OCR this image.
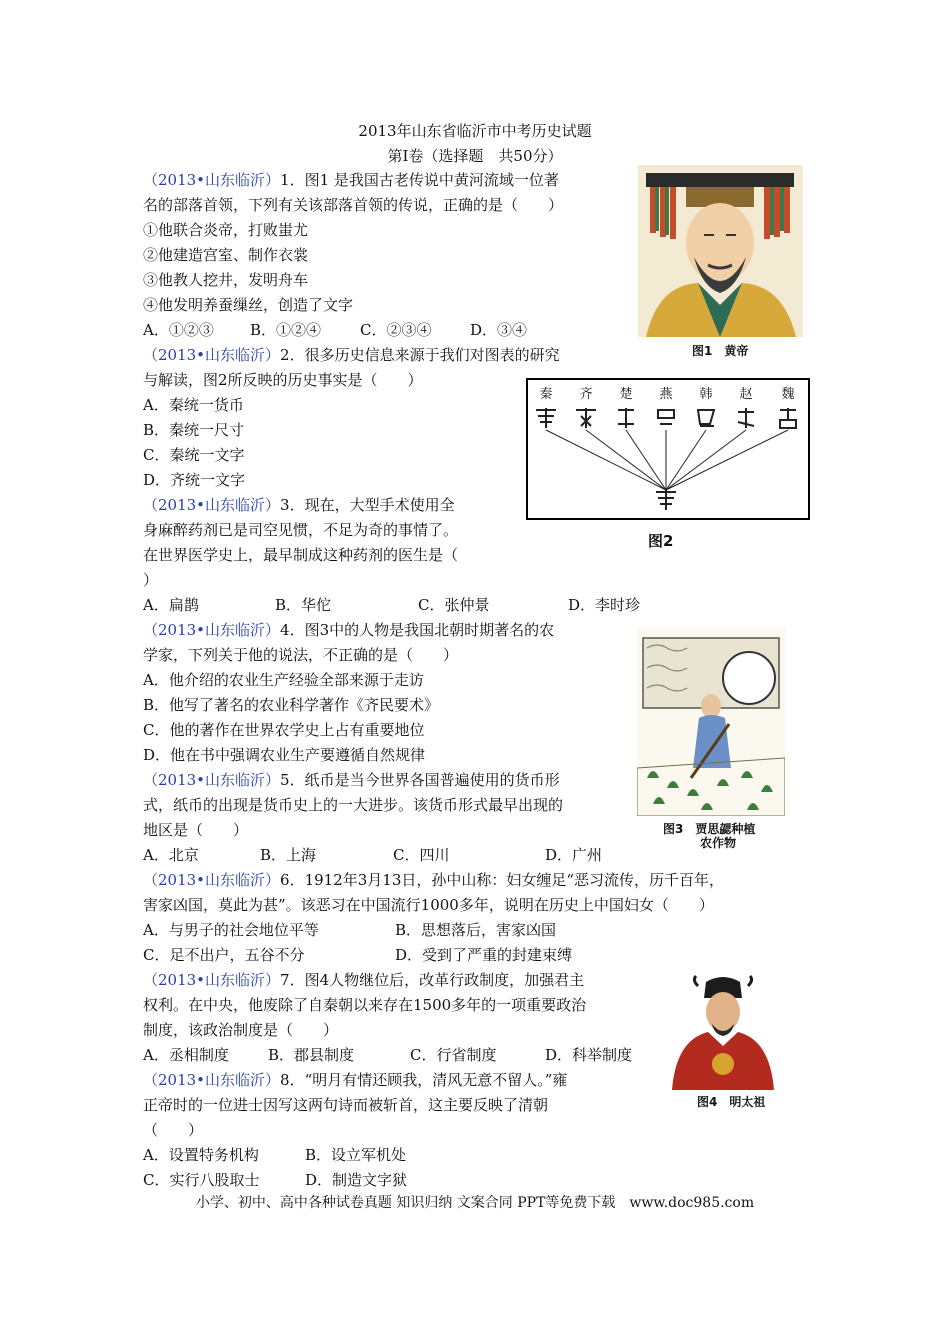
2013年山东省临沂市中考历史试题
第Ⅰ卷（选择题　共50分）
（2013•山东临沂）1．图1 是我国古老传说中黄河流域一位著
名的部落首领，下列有关该部落首领的传说，正确的是（　　）
①他联合炎帝，打败蚩尤
②他建造宫室、制作衣裳
③他教人挖井，发明舟车
④他发明养蚕缫丝，创造了文字
A．①②③ B．①②④	C．②③④	D．③④
图1　黄帝
（2013•山东临沂）2．很多历史信息来源于我们对图表的研究
与解读，图2所反映的历史事实是（　　）
A．秦统一货币
B．秦统一尺寸
C．秦统一文字
D．齐统一文字
秦 齐 楚 燕 韩 赵 魏
图2
（2013•山东临沂）3．现在，大型手术使用全
身麻醉药剂已是司空见惯，不足为奇的事情了。
在世界医学史上，最早制成这种药剂的医生是（
）
A．扁鹊	B．华佗	C．张仲景	D．李时珍
（2013•山东临沂）4．图3中的人物是我国北朝时期著名的农
学家，下列关于他的说法，不正确的是（　　）
A．他介绍的农业生产经验全部来源于走访
B．他写了著名的农业科学著作《齐民要术》
C．他的著作在世界农学史上占有重要地位
D．他在书中强调农业生产要遵循自然规律
图3　贾思勰种植
农作物
（2013•山东临沂）5．纸币是当今世界各国普遍使用的货币形
式，纸币的出现是货币史上的一大进步。该货币形式最早出现的
地区是（　　）
A．北京	B．上海	C．四川	D．广州
（2013•山东临沂）6．1912年3月13日，孙中山称：妇女缠足“恶习流传，历千百年，
害家凶国，莫此为甚”。该恶习在中国流行1000多年，说明在历史上中国妇女（　　）
A．与男子的社会地位平等	B．思想落后，害家凶国
C．足不出户，五谷不分	D．受到了严重的封建束缚
（2013•山东临沂）7．图4人物继位后，改革行政制度，加强君主
权利。在中央，他废除了自秦朝以来存在1500多年的一项重要政治
制度，该政治制度是（　　）
A．丞相制度	B．郡县制度	C．行省制度	D．科举制度
图4　明太祖
（2013•山东临沂）8．“明月有情还顾我，清风无意不留人。”雍
正帝时的一位进士因写这两句诗而被斩首，这主要反映了清朝
（　　）
A．设置特务机构	B．设立军机处
C．实行八股取士	D．制造文字狱
小学、初中、高中各种试卷真题 知识归纳 文案合同 PPT等免费下载　www.doc985.com
